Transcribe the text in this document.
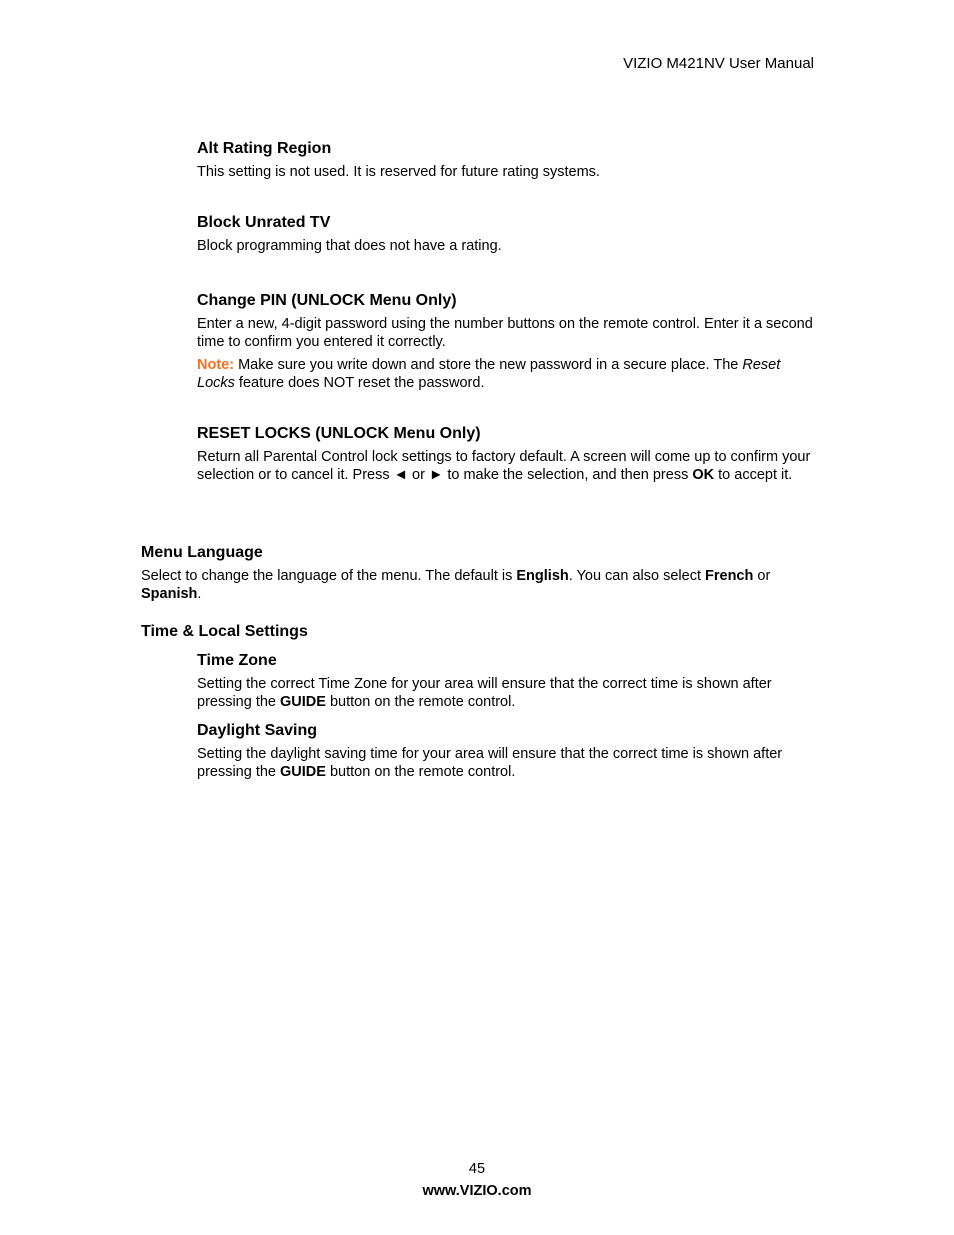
VIZIO M421NV User Manual
Alt Rating Region
This setting is not used. It is reserved for future rating systems.
Block Unrated TV
Block programming that does not have a rating.
Change PIN (UNLOCK Menu Only)
Enter a new, 4-digit password using the number buttons on the remote control. Enter it a second time to confirm you entered it correctly.
Note: Make sure you write down and store the new password in a secure place. The Reset Locks feature does NOT reset the password.
RESET LOCKS (UNLOCK Menu Only)
Return all Parental Control lock settings to factory default. A screen will come up to confirm your selection or to cancel it. Press ◄ or ► to make the selection, and then press OK to accept it.
Menu Language
Select to change the language of the menu. The default is English. You can also select French or Spanish.
Time & Local Settings
Time Zone
Setting the correct Time Zone for your area will ensure that the correct time is shown after pressing the GUIDE button on the remote control.
Daylight Saving
Setting the daylight saving time for your area will ensure that the correct time is shown after pressing the GUIDE button on the remote control.
45
www.VIZIO.com
